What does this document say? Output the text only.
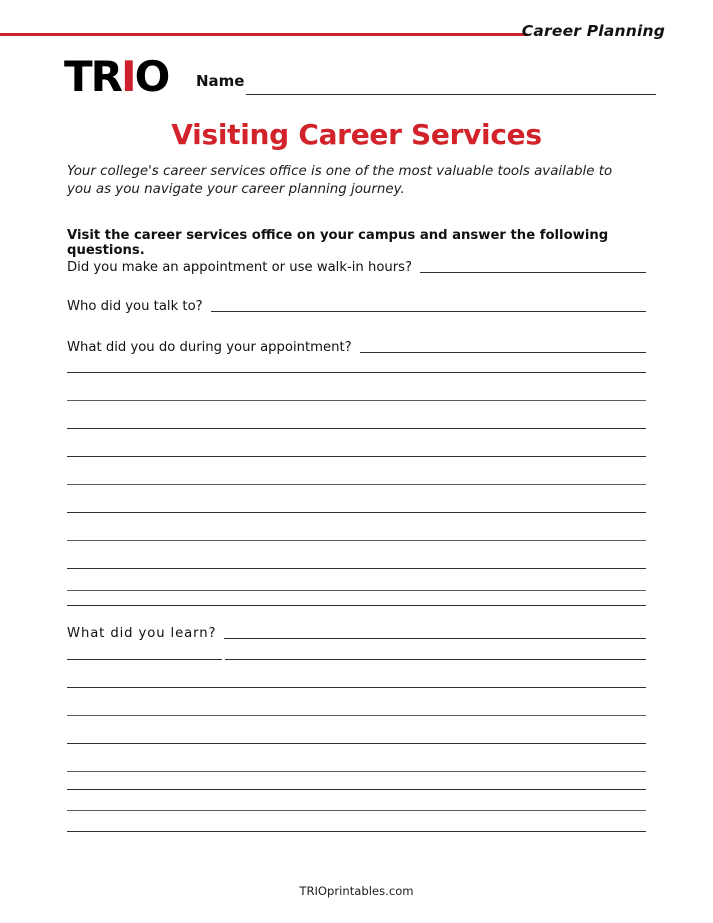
Career Planning
TRIO Name
Visiting Career Services
Your college's career services office is one of the most valuable tools available to you as you navigate your career planning journey.
Visit the career services office on your campus and answer the following questions.
Did you make an appointment or use walk-in hours?
Who did you talk to?
What did you do during your appointment?
What did you learn?
TRIOprintables.com
